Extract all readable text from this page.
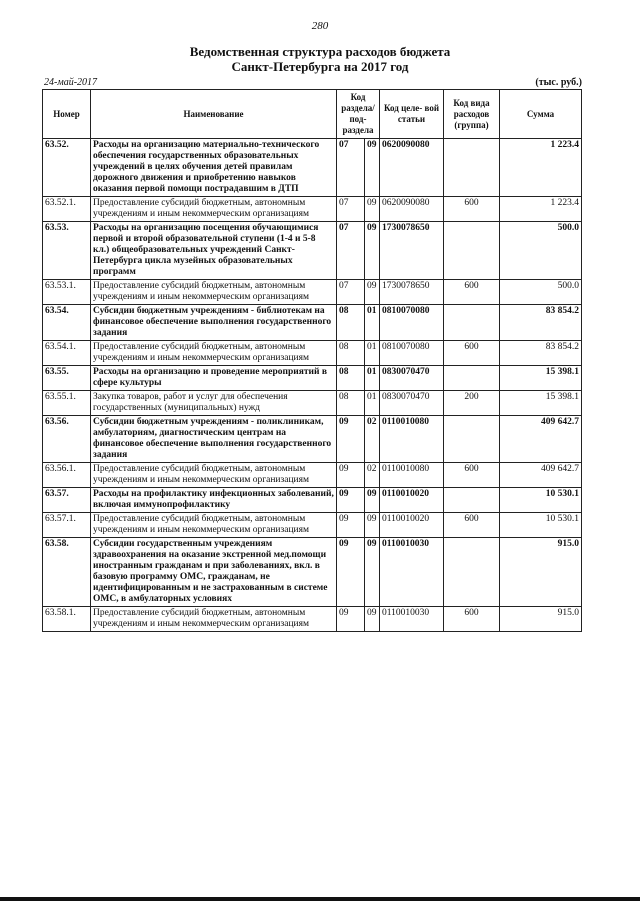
280
Ведомственная структура расходов бюджета
Санкт-Петербурга на 2017 год
24-май-2017	(тыс. руб.)
Номер	Наименование	Код раздела/ под- раздела		Код целе- вой статьи	Код вида расходов (группа)	Сумма
63.52.	Расходы на организацию материально-технического обеспечения государственных образовательных учреждений в целях обучения детей правилам дорожного движения и приобретению навыков оказания первой помощи пострадавшим в ДТП	07	09	0620090080		1 223.4
63.52.1.	Предоставление субсидий бюджетным, автономным учреждениям и иным некоммерческим организациям	07	09	0620090080	600	1 223.4
63.53.	Расходы на организацию посещения обучающимися первой и второй образовательной ступени (1-4 и 5-8 кл.) общеобразовательных учреждений Санкт-Петербурга цикла музейных образовательных программ	07	09	1730078650		500.0
63.53.1.	Предоставление субсидий бюджетным, автономным учреждениям и иным некоммерческим организациям	07	09	1730078650	600	500.0
63.54.	Субсидии бюджетным учреждениям - библиотекам на финансовое обеспечение выполнения государственного задания	08	01	0810070080		83 854.2
63.54.1.	Предоставление субсидий бюджетным, автономным учреждениям и иным некоммерческим организациям	08	01	0810070080	600	83 854.2
63.55.	Расходы на организацию и проведение мероприятий в сфере культуры	08	01	0830070470		15 398.1
63.55.1.	Закупка товаров, работ и услуг для обеспечения государственных (муниципальных) нужд	08	01	0830070470	200	15 398.1
63.56.	Субсидии бюджетным учреждениям - поликлиникам, амбулаториям, диагностическим центрам на финансовое обеспечение выполнения государственного задания	09	02	0110010080		409 642.7
63.56.1.	Предоставление субсидий бюджетным, автономным учреждениям и иным некоммерческим организациям	09	02	0110010080	600	409 642.7
63.57.	Расходы на профилактику инфекционных заболеваний, включая иммунопрофилактику	09	09	0110010020		10 530.1
63.57.1.	Предоставление субсидий бюджетным, автономным учреждениям и иным некоммерческим организациям	09	09	0110010020	600	10 530.1
63.58.	Субсидии государственным учреждениям здравоохранения на оказание экстренной мед.помощи иностранным гражданам и при заболеваниях, вкл. в базовую программу ОМС, гражданам, не идентифицированным и не застрахованным в системе ОМС, в амбулаторных условиях	09	09	0110010030		915.0
63.58.1.	Предоставление субсидий бюджетным, автономным учреждениям и иным некоммерческим организациям	09	09	0110010030	600	915.0
